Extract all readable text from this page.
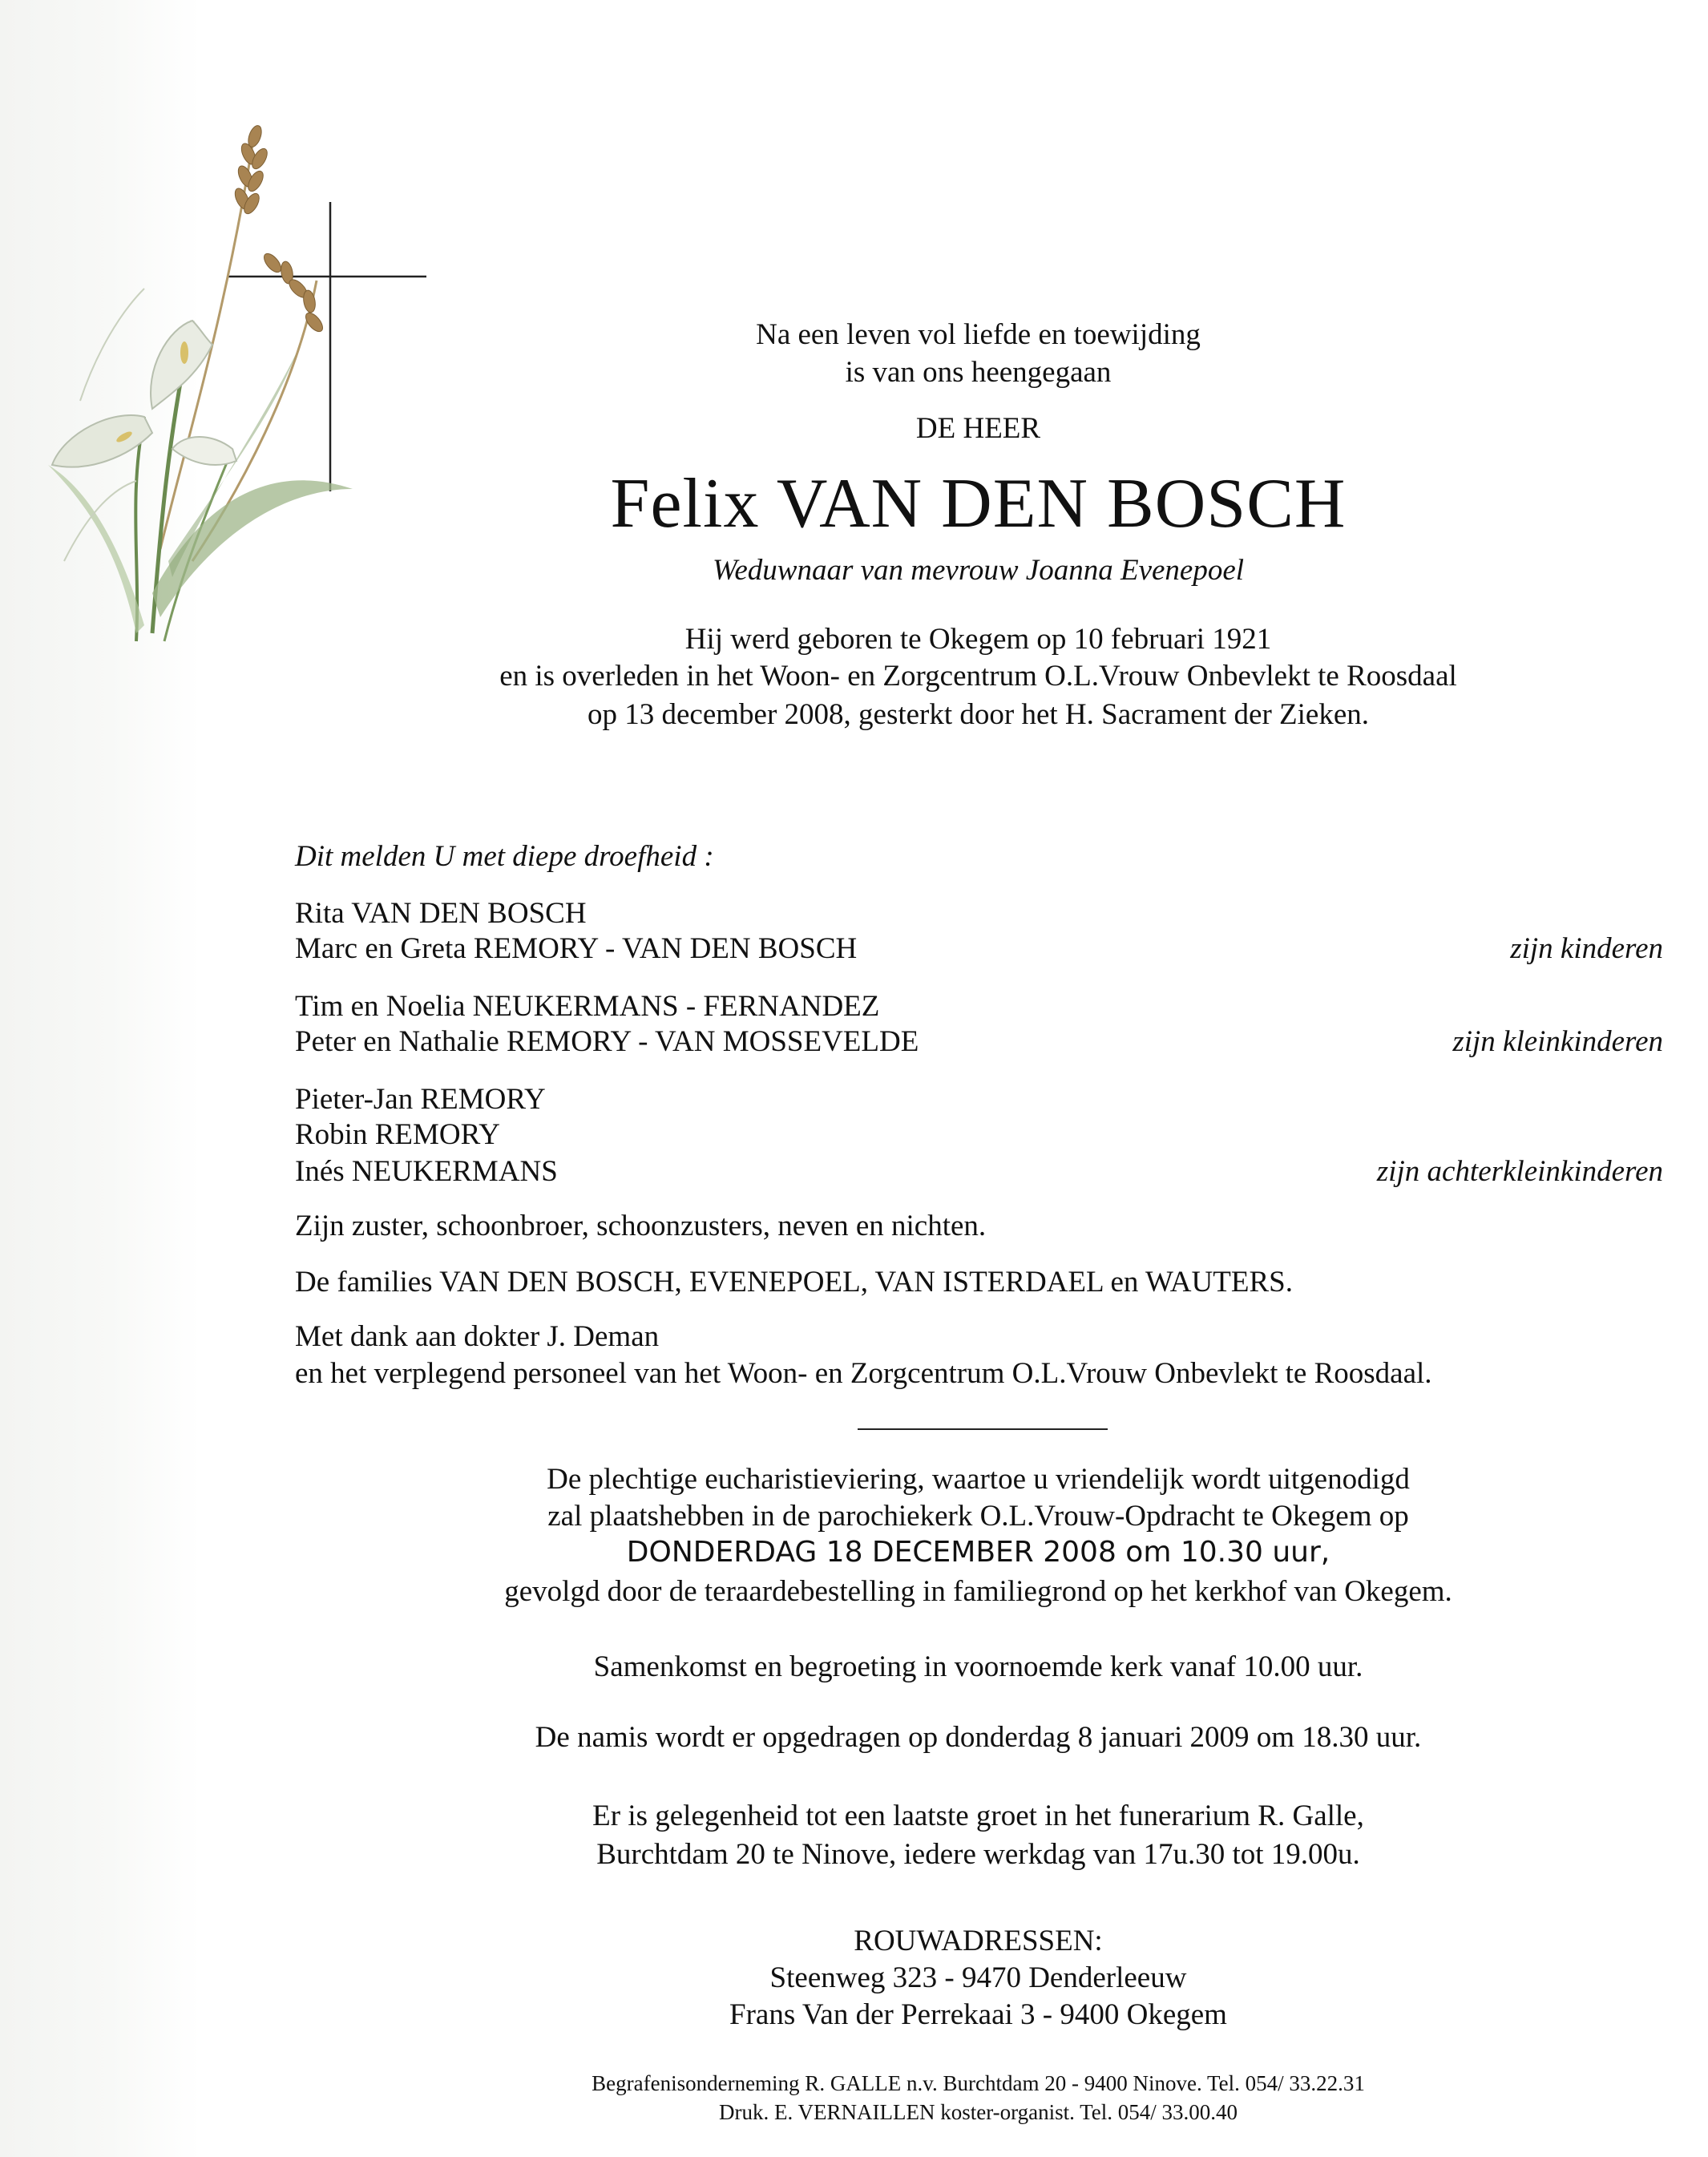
Na een leven vol liefde en toewijding
is van ons heengegaan
DE HEER
Felix VAN DEN BOSCH
Weduwnaar van mevrouw Joanna Evenepoel
Hij werd geboren te Okegem op 10 februari 1921
en is overleden in het Woon- en Zorgcentrum O.L.Vrouw Onbevlekt te Roosdaal
op 13 december 2008, gesterkt door het H. Sacrament der Zieken.
Dit melden U met diepe droefheid :
Rita VAN DEN BOSCH
Marc en Greta REMORY - VAN DEN BOSCH	zijn kinderen
Tim en Noelia NEUKERMANS - FERNANDEZ
Peter en Nathalie REMORY - VAN MOSSEVELDE	zijn kleinkinderen
Pieter-Jan REMORY
Robin REMORY
Inés NEUKERMANS	zijn achterkleinkinderen
Zijn zuster, schoonbroer, schoonzusters, neven en nichten.
De families VAN DEN BOSCH, EVENEPOEL, VAN ISTERDAEL en WAUTERS.
Met dank aan dokter J. Deman
en het verplegend personeel van het Woon- en Zorgcentrum O.L.Vrouw Onbevlekt te Roosdaal.
De plechtige eucharistieviering, waartoe u vriendelijk wordt uitgenodigd
zal plaatshebben in de parochiekerk O.L.Vrouw-Opdracht te Okegem op
DONDERDAG 18 DECEMBER 2008 om 10.30 uur,
gevolgd door de teraardebestelling in familiegrond op het kerkhof van Okegem.
Samenkomst en begroeting in voornoemde kerk vanaf 10.00 uur.
De namis wordt er opgedragen op donderdag 8 januari 2009 om 18.30 uur.
Er is gelegenheid tot een laatste groet in het funerarium R. Galle,
Burchtdam 20 te Ninove, iedere werkdag van 17u.30 tot 19.00u.
ROUWADRESSEN:
Steenweg 323 - 9470 Denderleeuw
Frans Van der Perrekaai 3 - 9400 Okegem
Begrafenisonderneming R. GALLE n.v. Burchtdam 20 - 9400 Ninove. Tel. 054/ 33.22.31
Druk. E. VERNAILLEN koster-organist. Tel. 054/ 33.00.40
